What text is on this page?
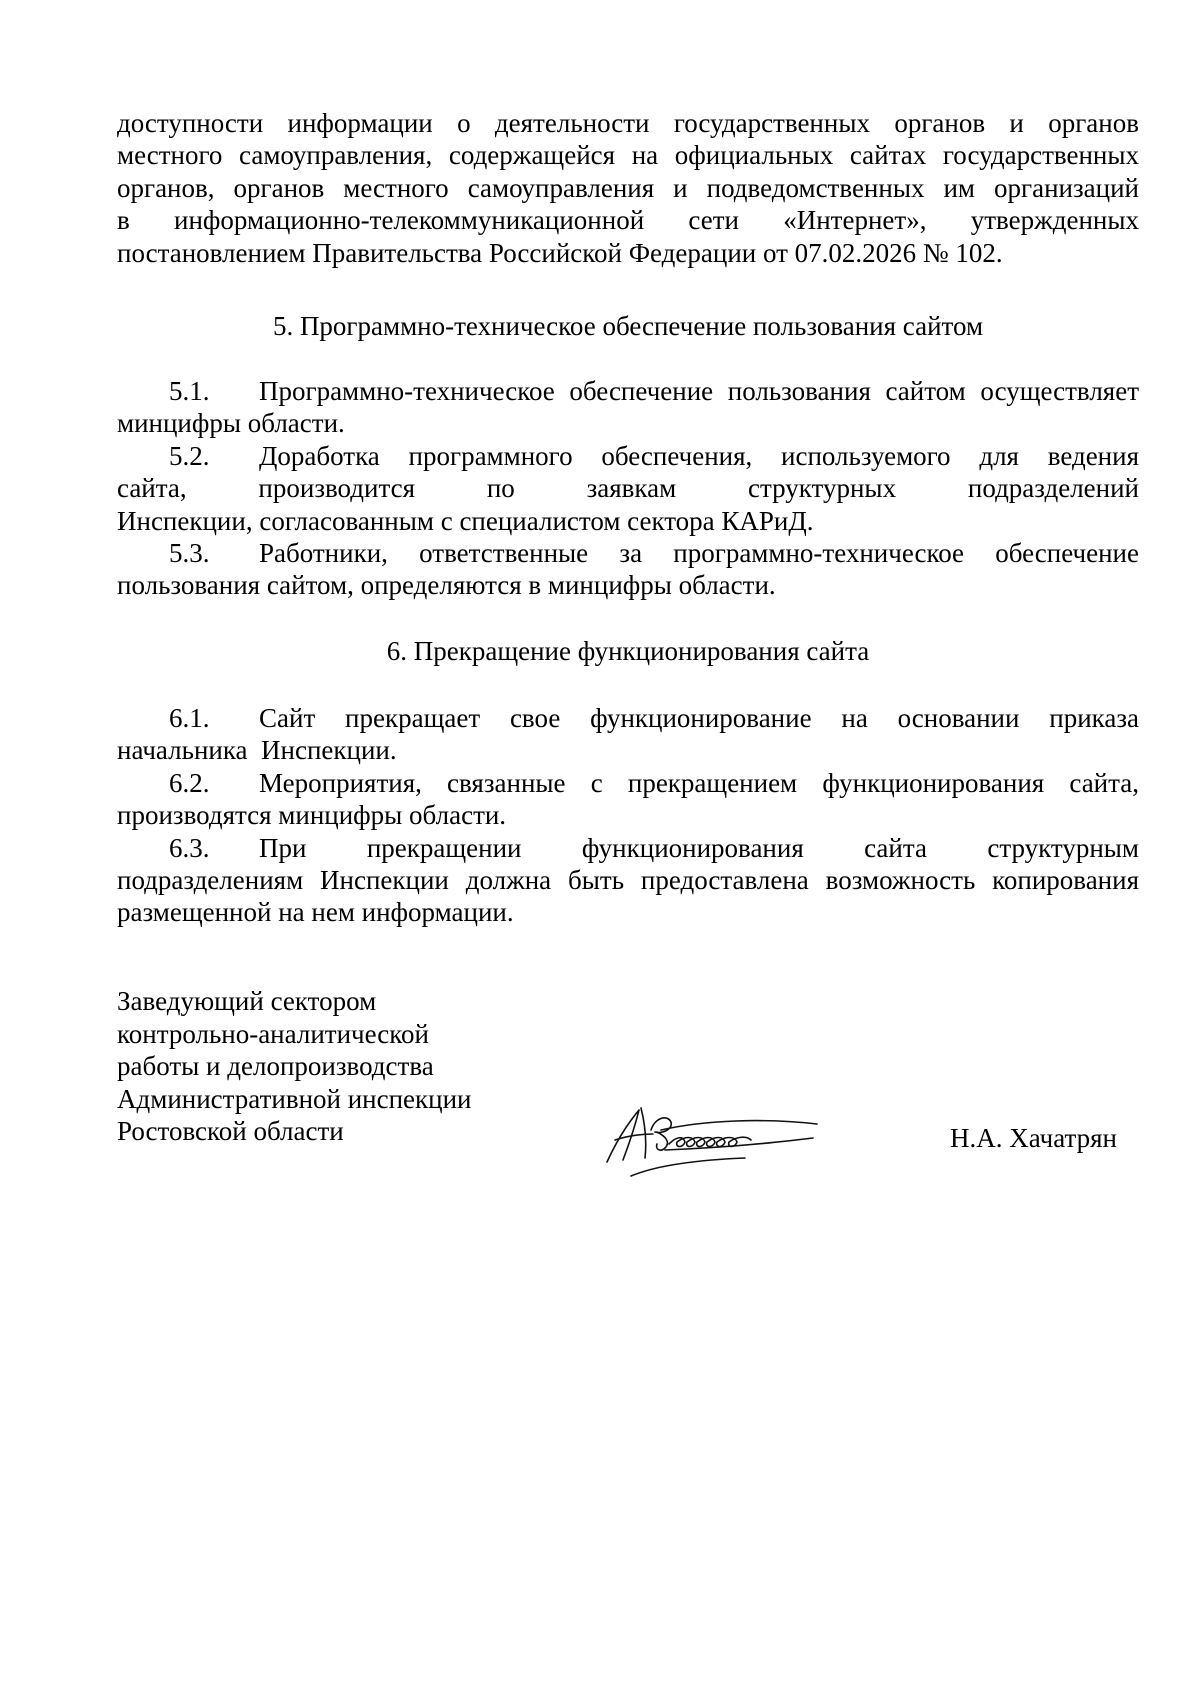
доступности информации о деятельности государственных органов и органов
местного самоуправления, содержащейся на официальных сайтах государственных
органов, органов местного самоуправления и подведомственных им организаций
в информационно-телекоммуникационной сети «Интернет», утвержденных
постановлением Правительства Российской Федерации от 07.02.2026 № 102.
5. Программно-техническое обеспечение пользования сайтом
5.1.	Программно-техническое обеспечение пользования сайтом осуществляет
минцифры области.
5.2.	Доработка программного обеспечения, используемого для ведения
сайта, производится по заявкам структурных подразделений
Инспекции, согласованным с специалистом сектора КАРиД.
5.3.	Работники, ответственные за программно-техническое обеспечение
пользования сайтом, определяются в минцифры области.
6. Прекращение функционирования сайта
6.1.	Сайт прекращает свое функционирование на основании приказа
начальника  Инспекции.
6.2.	Мероприятия, связанные с прекращением функционирования сайта,
производятся минцифры области.
6.3.	При прекращении функционирования сайта структурным
подразделениям Инспекции должна быть предоставлена возможность копирования
размещенной на нем информации.
Заведующий сектором
контрольно-аналитической
работы и делопроизводства
Административной инспекции
Ростовской области	Н.А. Хачатрян
